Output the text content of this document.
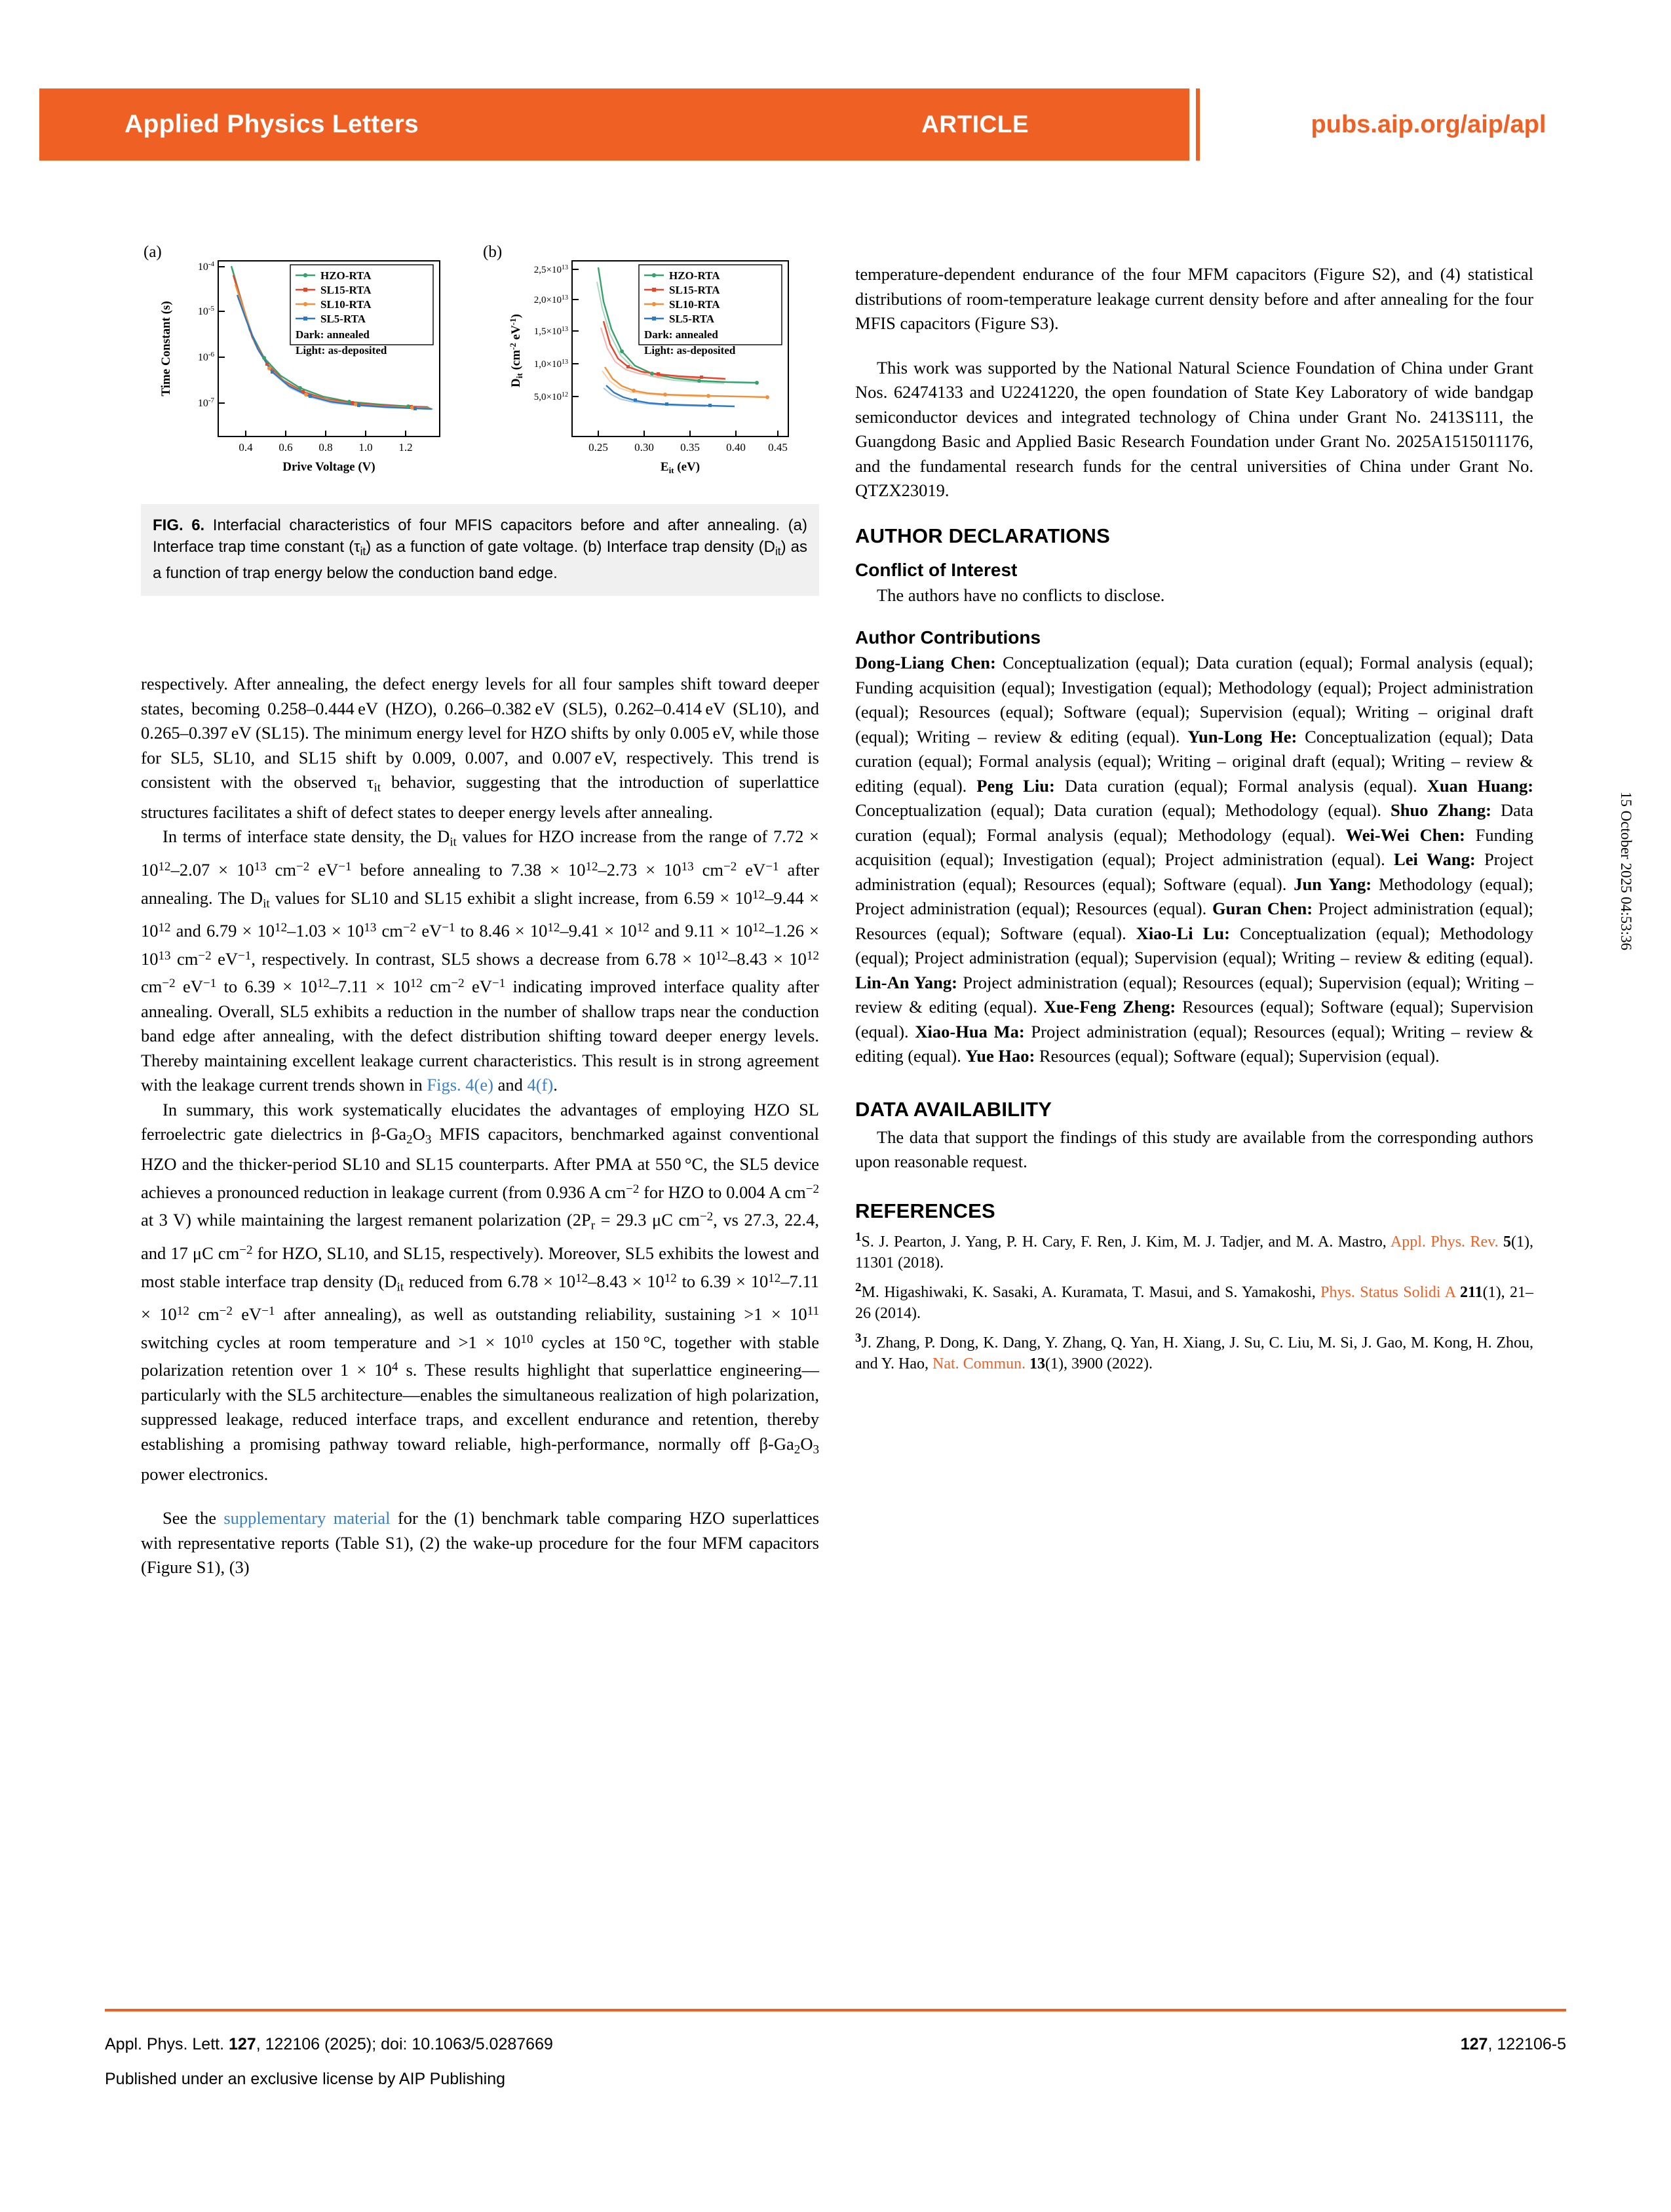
Applied Physics Letters	ARTICLE	pubs.aip.org/aip/apl
15 October 2025 04:53:36
(a)
$10^{-4}$
$10^{-5}$
$10^{-6}$
$10^{-7}$
0.4 0.6 0.8 1.0 1.2
Drive Voltage (V)
Time Constant (s)
HZO-RTA
SL15-RTA
SL10-RTA
SL5-RTA
Dark: annealed
Light: as-deposited
(b)
$2,5\times 10^{13}$
$2,0\times 10^{13}$
$1,5\times 10^{13}$
$1,0\times 10^{13}$
$5,0\times 10^{12}$
0.25 0.30 0.35 0.40 0.45
$E_{it}$ (eV)
$D_{it}$ ($cm^{-2}$ $eV^{-1}$)
HZO-RTA
SL15-RTA
SL10-RTA
SL5-RTA
Dark: annealed
Light: as-deposited
FIG. 6. Interfacial characteristics of four MFIS capacitors before and after annealing. (a) Interface trap time constant $(\tau_{it})$ as a function of gate voltage. (b) Interface trap density $(D_{it})$ as a function of trap energy below the conduction band edge.

respectively. After annealing, the defect energy levels for all four samples shift toward deeper states, becoming 0.258–0.444 eV (HZO), 0.266–0.382 eV (SL5), 0.262–0.414 eV (SL10), and 0.265–0.397 eV (SL15). The minimum energy level for HZO shifts by only 0.005 eV, while those for SL5, SL10, and SL15 shift by 0.009, 0.007, and 0.007 eV, respectively. This trend is consistent with the observed $\tau_{it}$ behavior, suggesting that the introduction of superlattice structures facilitates a shift of defect states to deeper energy levels after annealing.

In terms of interface state density, the $D_{it}$ values for HZO increase from the range of $7.72 \times 10^{12}-2.07 \times 10^{13}$ $cm^{-2}$ $eV^{-1}$ before annealing to $7.38 \times 10^{12}-2.73 \times 10^{13}$ $cm^{-2}$ $eV^{-1}$ after annealing. The $D_{it}$ values for SL10 and SL15 exhibit a slight increase, from $6.59 \times 10^{12}-9.44 \times 10^{12}$ and $6.79 \times 10^{12}-1.03 \times 10^{13}$ $cm^{-2}$ $eV^{-1}$ to $8.46 \times 10^{12}-9.41 \times 10^{12}$ and $9.11 \times 10^{12}-1.26 \times 10^{13}$ $cm^{-2}$ $eV^{-1}$, respectively. In contrast, SL5 shows a decrease from $6.78 \times 10^{12}-8.43 \times 10^{12}$ $cm^{-2}$ $eV^{-1}$ to $6.39 \times 10^{12}-7.11 \times 10^{12}$ $cm^{-2}$ $eV^{-1}$ indicating improved interface quality after annealing. Overall, SL5 exhibits a reduction in the number of shallow traps near the conduction band edge after annealing, with the defect distribution shifting toward deeper energy levels. Thereby maintaining excellent leakage current characteristics. This result is in strong agreement with the leakage current trends shown in Figs. 4(e) and 4(f).

In summary, this work systematically elucidates the advantages of employing HZO SL ferroelectric gate dielectrics in $\beta-Ga_2O_3$ MFIS capacitors, benchmarked against conventional HZO and the thicker-period SL10 and SL15 counterparts. After PMA at 550 °C, the SL5 device achieves a pronounced reduction in leakage current (from 0.936 A $cm^{-2}$ for HZO to 0.004 A $cm^{-2}$ at 3 V) while maintaining the largest remanent polarization ($2P_r = 29.3$ μC $cm^{-2}$, vs 27.3, 22.4, and 17 μC $cm^{-2}$ for HZO, SL10, and SL15, respectively). Moreover, SL5 exhibits the lowest and most stable interface trap density ($D_{it}$ reduced from $6.78 \times 10^{12}-8.43 \times 10^{12}$ to $6.39 \times 10^{12}-7.11 \times 10^{12}$ $cm^{-2}$ $eV^{-1}$ after annealing), as well as outstanding reliability, sustaining $>1 \times 10^{11}$ switching cycles at room temperature and $>1 \times 10^{10}$ cycles at 150 °C, together with stable polarization retention over $1 \times 10^4$ s. These results highlight that superlattice engineering—particularly with the SL5 architecture—enables the simultaneous realization of high polarization, suppressed leakage, reduced interface traps, and excellent endurance and retention, thereby establishing a promising pathway toward reliable, high-performance, normally off $\beta-Ga_2O_3$ power electronics.

See the supplementary material for the (1) benchmark table comparing HZO superlattices with representative reports (Table S1), (2) the wake-up procedure for the four MFM capacitors (Figure S1), (3)

temperature-dependent endurance of the four MFM capacitors (Figure S2), and (4) statistical distributions of room-temperature leakage current density before and after annealing for the four MFIS capacitors (Figure S3).

This work was supported by the National Natural Science Foundation of China under Grant Nos. 62474133 and U2241220, the open foundation of State Key Laboratory of wide bandgap semiconductor devices and integrated technology of China under Grant No. 2413S111, the Guangdong Basic and Applied Basic Research Foundation under Grant No. 2025A1515011176, and the fundamental research funds for the central universities of China under Grant No. QTZX23019.

AUTHOR DECLARATIONS
Conflict of Interest

The authors have no conflicts to disclose.

Author Contributions

Dong-Liang Chen: Conceptualization (equal); Data curation (equal); Formal analysis (equal); Funding acquisition (equal); Investigation (equal); Methodology (equal); Project administration (equal); Resources (equal); Software (equal); Supervision (equal); Writing – original draft (equal); Writing – review & editing (equal). Yun-Long He: Conceptualization (equal); Data curation (equal); Formal analysis (equal); Writing – original draft (equal); Writing – review & editing (equal). Peng Liu: Data curation (equal); Formal analysis (equal). Xuan Huang: Conceptualization (equal); Data curation (equal); Methodology (equal). Shuo Zhang: Data curation (equal); Formal analysis (equal); Methodology (equal). Wei-Wei Chen: Funding acquisition (equal); Investigation (equal); Project administration (equal). Lei Wang: Project administration (equal); Resources (equal); Software (equal). Jun Yang: Methodology (equal); Project administration (equal); Resources (equal). Guran Chen: Project administration (equal); Resources (equal); Software (equal). Xiao-Li Lu: Conceptualization (equal); Methodology (equal); Project administration (equal); Supervision (equal); Writing – review & editing (equal). Lin-An Yang: Project administration (equal); Resources (equal); Supervision (equal); Writing – review & editing (equal). Xue-Feng Zheng: Resources (equal); Software (equal); Supervision (equal). Xiao-Hua Ma: Project administration (equal); Resources (equal); Writing – review & editing (equal). Yue Hao: Resources (equal); Software (equal); Supervision (equal).

DATA AVAILABILITY

The data that support the findings of this study are available from the corresponding authors upon reasonable request.

REFERENCES
$^1$S. J. Pearton, J. Yang, P. H. Cary, F. Ren, J. Kim, M. J. Tadjer, and M. A. Mastro, Appl. Phys. Rev. 5(1), 11301 (2018).
$^2$M. Higashiwaki, K. Sasaki, A. Kuramata, T. Masui, and S. Yamakoshi, Phys. Status Solidi A 211(1), 21–26 (2014).
$^3$J. Zhang, P. Dong, K. Dang, Y. Zhang, Q. Yan, H. Xiang, J. Su, C. Liu, M. Si, J. Gao, M. Kong, H. Zhou, and Y. Hao, Nat. Commun. 13(1), 3900 (2022).
Appl. Phys. Lett. 127, 122106 (2025); doi: 10.1063/5.0287669	127, 122106-5
Published under an exclusive license by AIP Publishing
